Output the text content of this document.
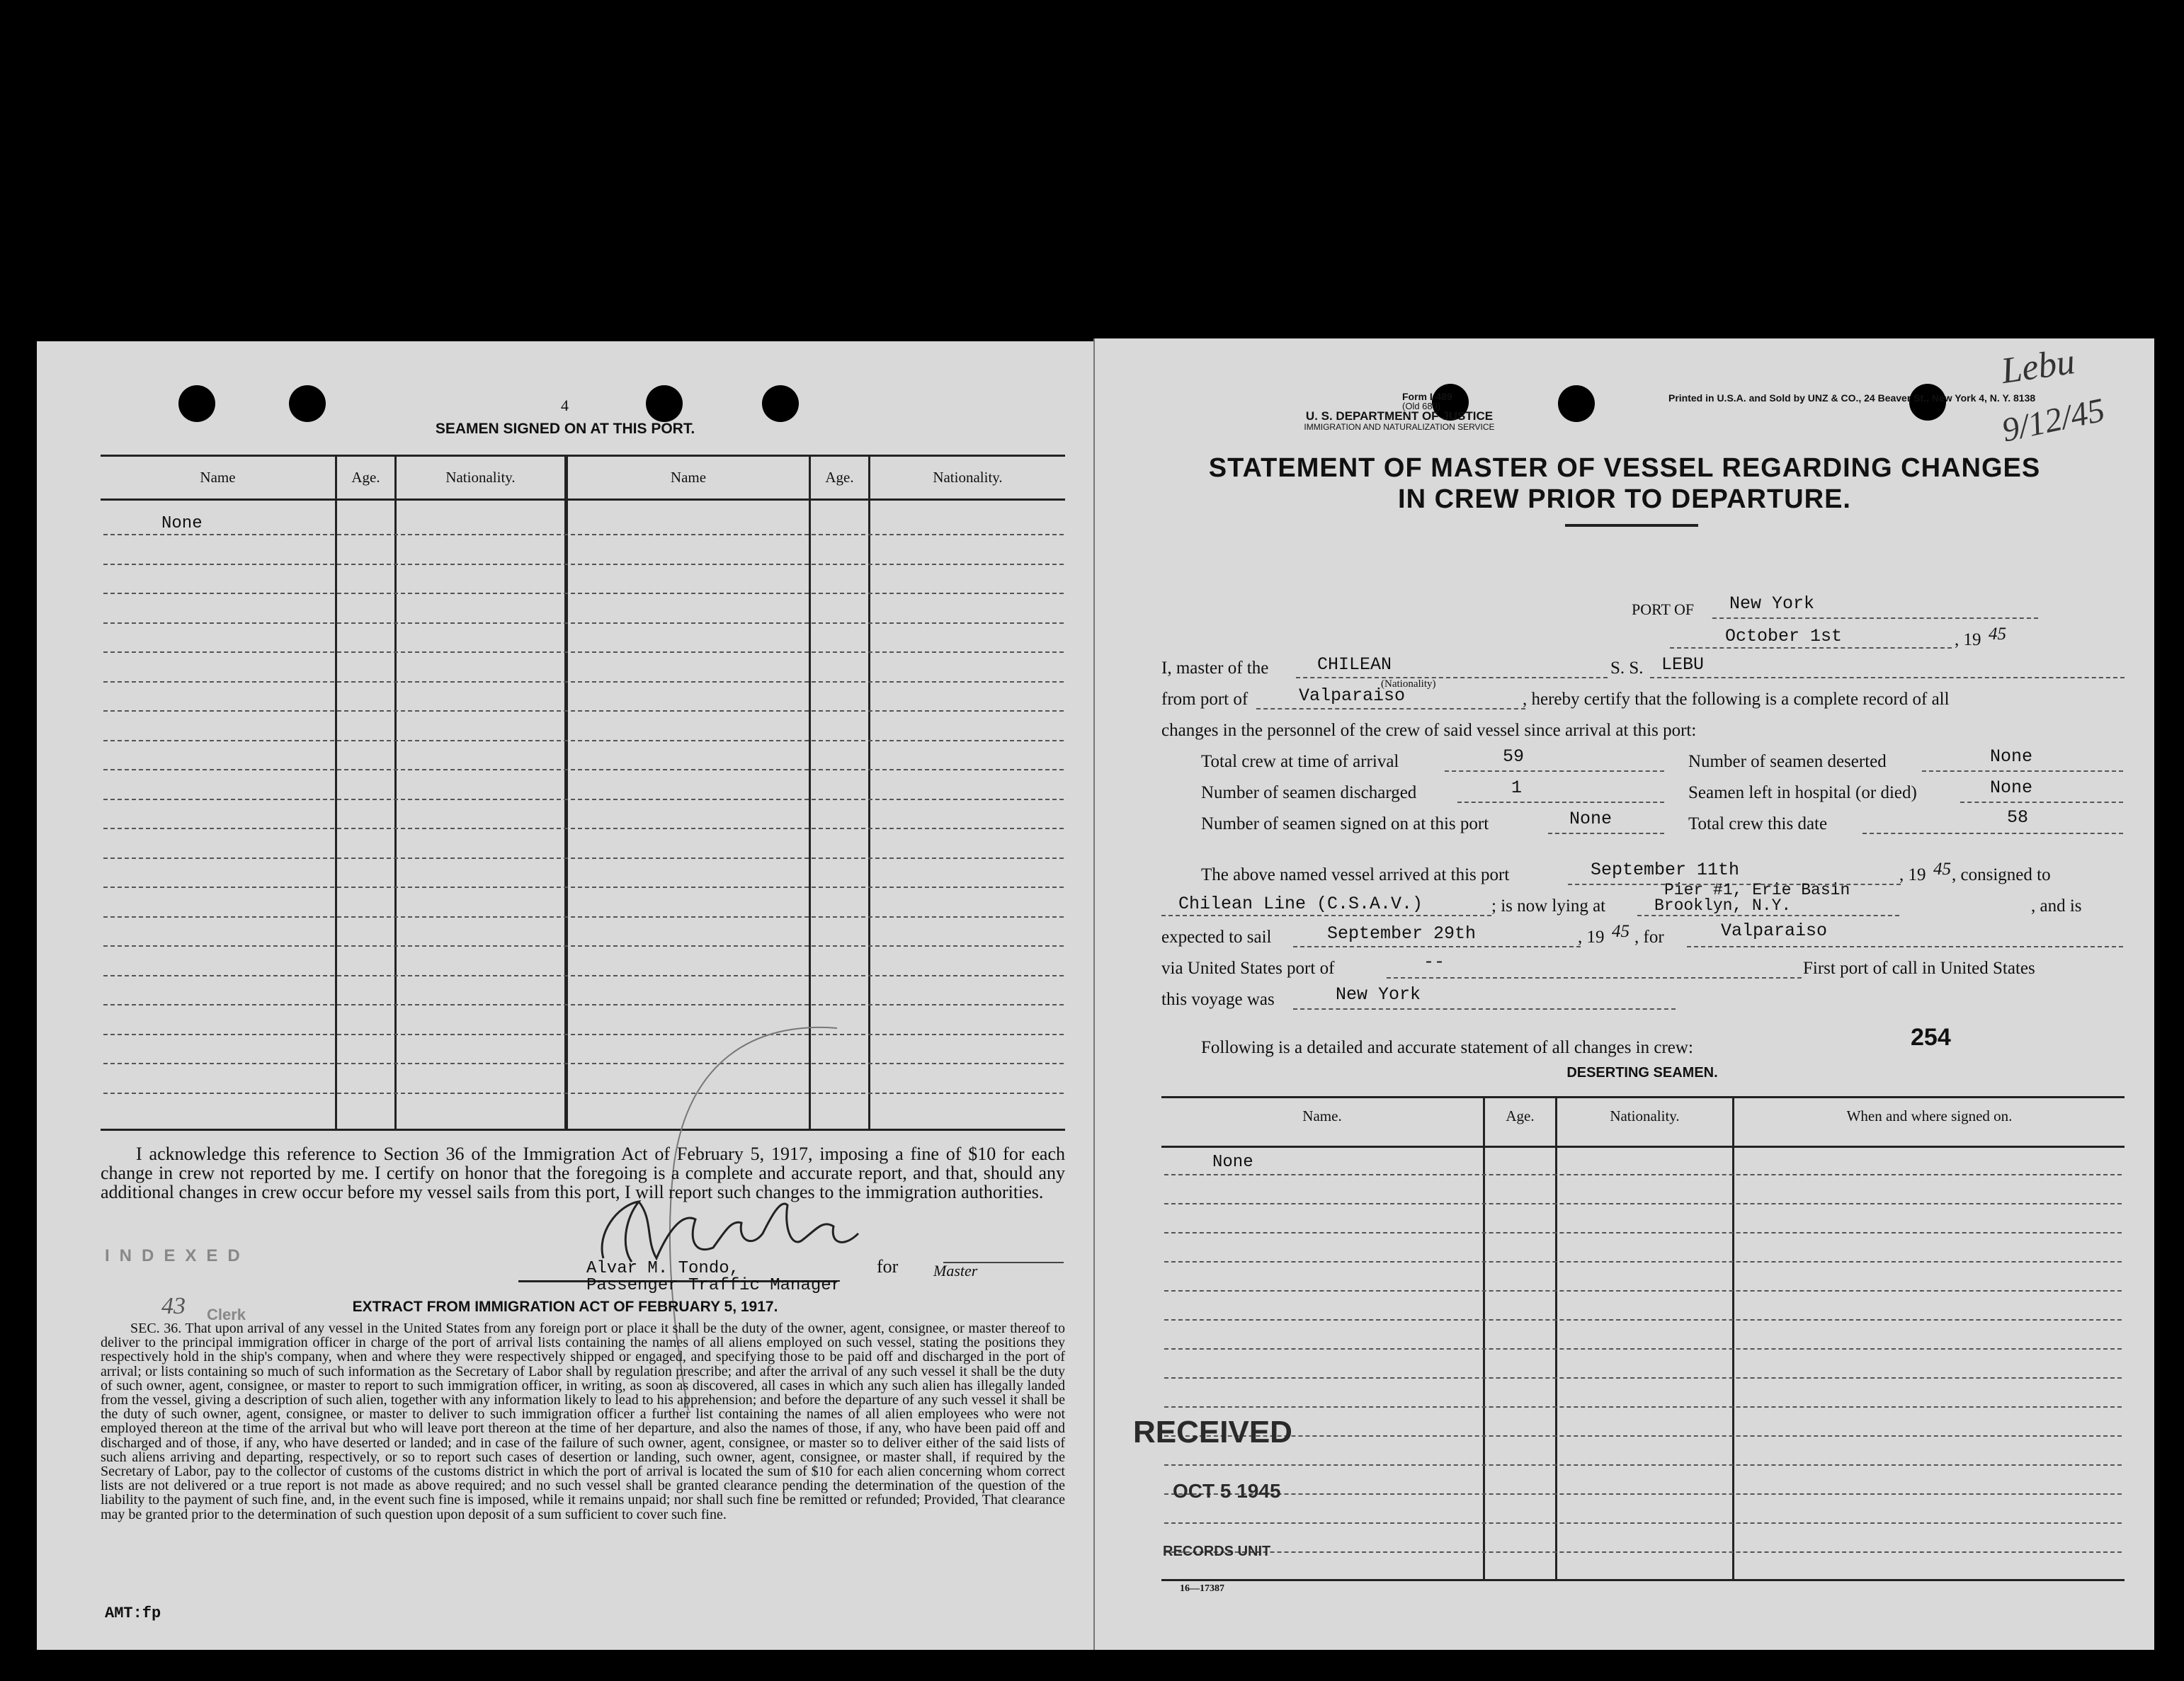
4
SEAMEN SIGNED ON AT THIS PORT.
Name	Age.	Nationality.	Name	Age.	Nationality.
None
I acknowledge this reference to Section 36 of the Immigration Act of February 5, 1917, imposing a fine of $10 for each change in crew not reported by me. I certify on honor that the foregoing is a complete and accurate report, and that, should any additional changes in crew occur before my vessel sails from this port, I will report such changes to the immigration authorities.
INDEXED
43 Clerk
Alvar M. Tondo,
Passenger Traffic Manager
for Master
EXTRACT FROM IMMIGRATION ACT OF FEBRUARY 5, 1917.
SEC. 36. That upon arrival of any vessel in the United States from any foreign port or place it shall be the duty of the owner, agent, consignee, or master thereof to deliver to the principal immigration officer in charge of the port of arrival lists containing the names of all aliens employed on such vessel, stating the positions they respectively hold in the ship's company, when and where they were respectively shipped or engaged, and specifying those to be paid off and discharged in the port of arrival; or lists containing so much of such information as the Secretary of Labor shall by regulation prescribe; and after the arrival of any such vessel it shall be the duty of such owner, agent, consignee, or master to report to such immigration officer, in writing, as soon as discovered, all cases in which any such alien has illegally landed from the vessel, giving a description of such alien, together with any information likely to lead to his apprehension; and before the departure of any such vessel it shall be the duty of such owner, agent, consignee, or master to deliver to such immigration officer a further list containing the names of all alien employees who were not employed thereon at the time of the arrival but who will leave port thereon at the time of her departure, and also the names of those, if any, who have been paid off and discharged and of those, if any, who have deserted or landed; and in case of the failure of such owner, agent, consignee, or master so to deliver either of the said lists of such aliens arriving and departing, respectively, or so to report such cases of desertion or landing, such owner, agent, consignee, or master shall, if required by the Secretary of Labor, pay to the collector of customs of the customs district in which the port of arrival is located the sum of $10 for each alien concerning whom correct lists are not delivered or a true report is not made as above required; and no such vessel shall be granted clearance pending the determination of the question of the liability to the payment of such fine, and, in the event such fine is imposed, while it remains unpaid; nor shall such fine be remitted or refunded; Provided, That clearance may be granted prior to the determination of such question upon deposit of a sum sufficient to cover such fine.
AMT:fp
Form I-489
(Old 689)
U. S. DEPARTMENT OF JUSTICE
IMMIGRATION AND NATURALIZATION SERVICE
Printed in U.S.A. and Sold by UNZ & CO., 24 Beaver St., New York 4, N. Y. 8138
Lebu
9/12/45
STATEMENT OF MASTER OF VESSEL REGARDING CHANGES
IN CREW PRIOR TO DEPARTURE.
PORT OF New York
October 1st	, 19 45
I, master of the	CHILEAN
(Nationality)
S. S. LEBU
from port of	Valparaiso	, hereby certify that the following is a complete record of all
changes in the personnel of the crew of said vessel since arrival at this port:
Total crew at time of arrival	59	Number of seamen deserted	None
Number of seamen discharged	1	Seamen left in hospital (or died)	None
Number of seamen signed on at this port	None	Total crew this date	58
The above named vessel arrived at this port	September 11th	, 19 45 , consigned to
Chilean Line (C.S.A.V.)	; is now lying at
Pier #1, Erie Basin
Brooklyn, N.Y.	, and is
expected to sail	September 29th	, 19 45 , for	Valparaiso
via United States port of	--	First port of call in United States
this voyage was	New York
Following is a detailed and accurate statement of all changes in crew:	254
DESERTING SEAMEN.
Name.	Age.	Nationality.	When and where signed on.
None
RECEIVED
OCT 5 1945
RECORDS UNIT
16—17387
